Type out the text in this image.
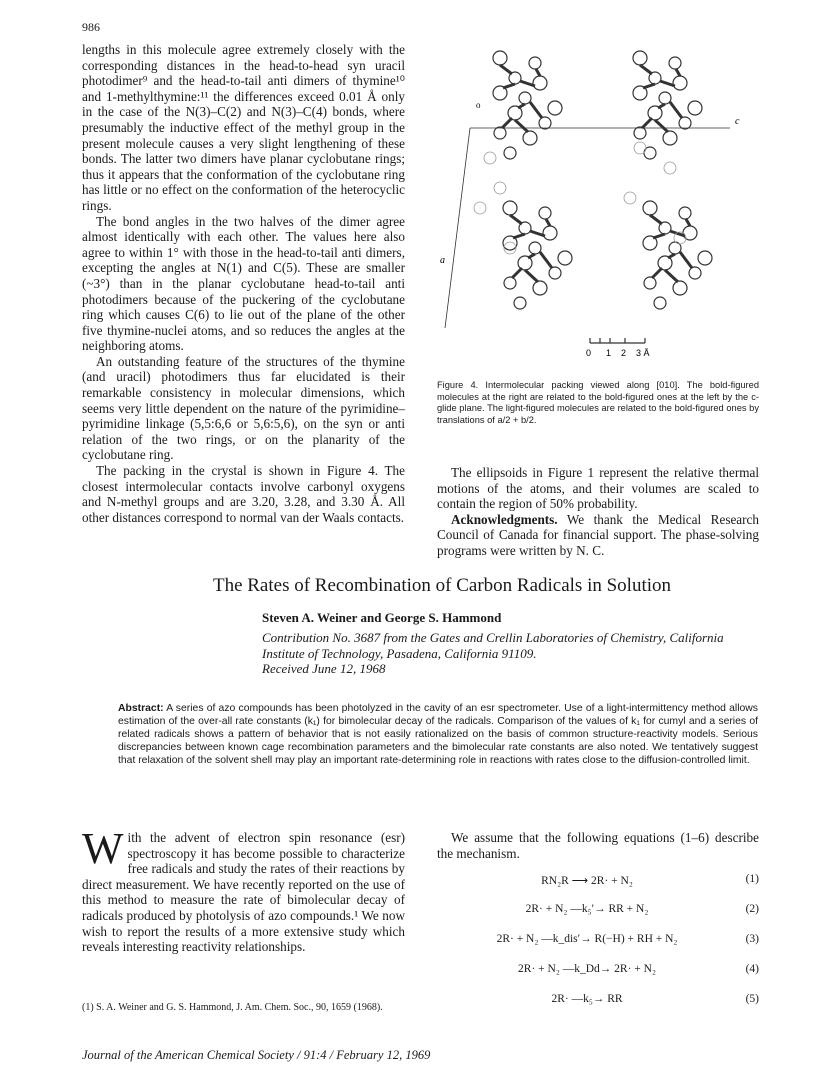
986

lengths in this molecule agree extremely closely with the corresponding distances in the head-to-head syn uracil photodimer⁹ and the head-to-tail anti dimers of thymine¹⁰ and 1-methylthymine:¹¹ the differences exceed 0.01 Å only in the case of the N(3)–C(2) and N(3)–C(4) bonds, where presumably the inductive effect of the methyl group in the present molecule causes a very slight lengthening of these bonds. The latter two dimers have planar cyclobutane rings; thus it appears that the conformation of the cyclobutane ring has little or no effect on the conformation of the heterocyclic rings.

The bond angles in the two halves of the dimer agree almost identically with each other. The values here also agree to within 1° with those in the head-to-tail anti dimers, excepting the angles at N(1) and C(5). These are smaller (~3°) than in the planar cyclobutane head-to-tail anti photodimers because of the puckering of the cyclobutane ring which causes C(6) to lie out of the plane of the other five thymine-nuclei atoms, and so reduces the angles at the neighboring atoms.

An outstanding feature of the structures of the thymine (and uracil) photodimers thus far elucidated is their remarkable consistency in molecular dimensions, which seems very little dependent on the nature of the pyrimidine–pyrimidine linkage (5,5:6,6 or 5,6:5,6), on the syn or anti relation of the two rings, or on the planarity of the cyclobutane ring.

The packing in the crystal is shown in Figure 4. The closest intermolecular contacts involve carbonyl oxygens and N-methyl groups and are 3.20, 3.28, and 3.30 Å. All other distances correspond to normal van der Waals contacts.

c
a
o
0 1 2 3 Å
Figure 4. Intermolecular packing viewed along [010]. The bold-figured molecules at the right are related to the bold-figured ones at the left by the c-glide plane. The light-figured molecules are related to the bold-figured ones by translations of a/2 + b/2.

The ellipsoids in Figure 1 represent the relative thermal motions of the atoms, and their volumes are scaled to contain the region of 50% probability.

Acknowledgments. We thank the Medical Research Council of Canada for financial support. The phase-solving programs were written by N. C.

The Rates of Recombination of Carbon Radicals in Solution
Steven A. Weiner and George S. Hammond
Contribution No. 3687 from the Gates and Crellin Laboratories of Chemistry, California Institute of Technology, Pasadena, California 91109.
Received June 12, 1968
Abstract: A series of azo compounds has been photolyzed in the cavity of an esr spectrometer. Use of a light-intermittency method allows estimation of the over-all rate constants (k₁) for bimolecular decay of the radicals. Comparison of the values of k₁ for cumyl and a series of related radicals shows a pattern of behavior that is not easily rationalized on the basis of common structure-reactivity models. Serious discrepancies between known cage recombination parameters and the bimolecular rate constants are also noted. We tentatively suggest that relaxation of the solvent shell may play an important rate-determining role in reactions with rates close to the diffusion-controlled limit.
With the advent of electron spin resonance (esr) spectroscopy it has become possible to characterize free radicals and study the rates of their reactions by direct measurement. We have recently reported on the use of this method to measure the rate of bimolecular decay of radicals produced by photolysis of azo compounds.¹ We now wish to report the results of a more extensive study which reveals interesting reactivity relationships.

We assume that the following equations (1–6) describe the mechanism.

RN₂R ⟶ 2R· + N₂	(1)
2R· + N₂ —k₅′→ RR + N₂	(2)
2R· + N₂ —k_dis′→ R(−H) + RH + N₂	(3)
2R· + N₂ —k_Dd→ 2R· + N₂	(4)
2R· —k₅→ RR	(5)
(1) S. A. Weiner and G. S. Hammond, J. Am. Chem. Soc., 90, 1659 (1968).
Journal of the American Chemical Society / 91:4 / February 12, 1969
